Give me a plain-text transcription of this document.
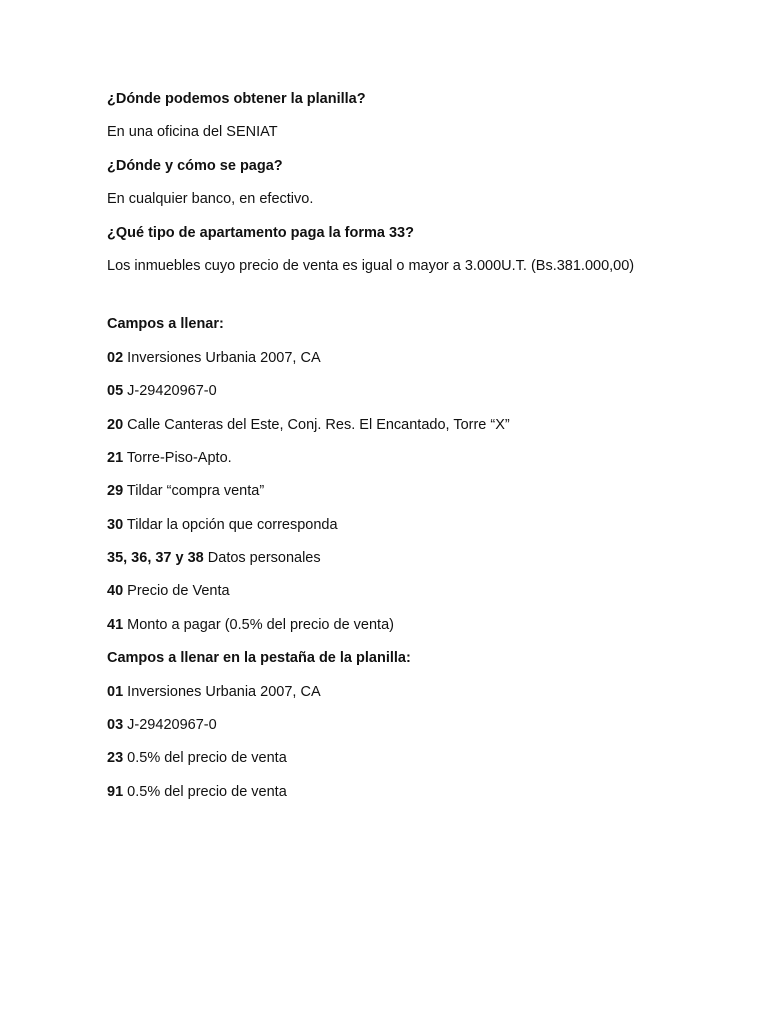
¿Dónde podemos obtener la planilla?
En una oficina del SENIAT
¿Dónde y cómo se paga?
En cualquier banco, en efectivo.
¿Qué tipo de apartamento paga la forma 33?
Los inmuebles cuyo precio de venta es igual o mayor a 3.000U.T. (Bs.381.000,00)
Campos a llenar:
02 Inversiones Urbania 2007, CA
05 J-29420967-0
20 Calle Canteras del Este, Conj. Res. El Encantado, Torre “X”
21 Torre-Piso-Apto.
29 Tildar “compra venta”
30 Tildar la opción que corresponda
35, 36, 37 y 38 Datos personales
40 Precio de Venta
41 Monto a pagar (0.5% del precio de venta)
Campos a llenar en la pestaña de la planilla:
01 Inversiones Urbania 2007, CA
03 J-29420967-0
23 0.5% del precio de venta
91 0.5% del precio de venta
